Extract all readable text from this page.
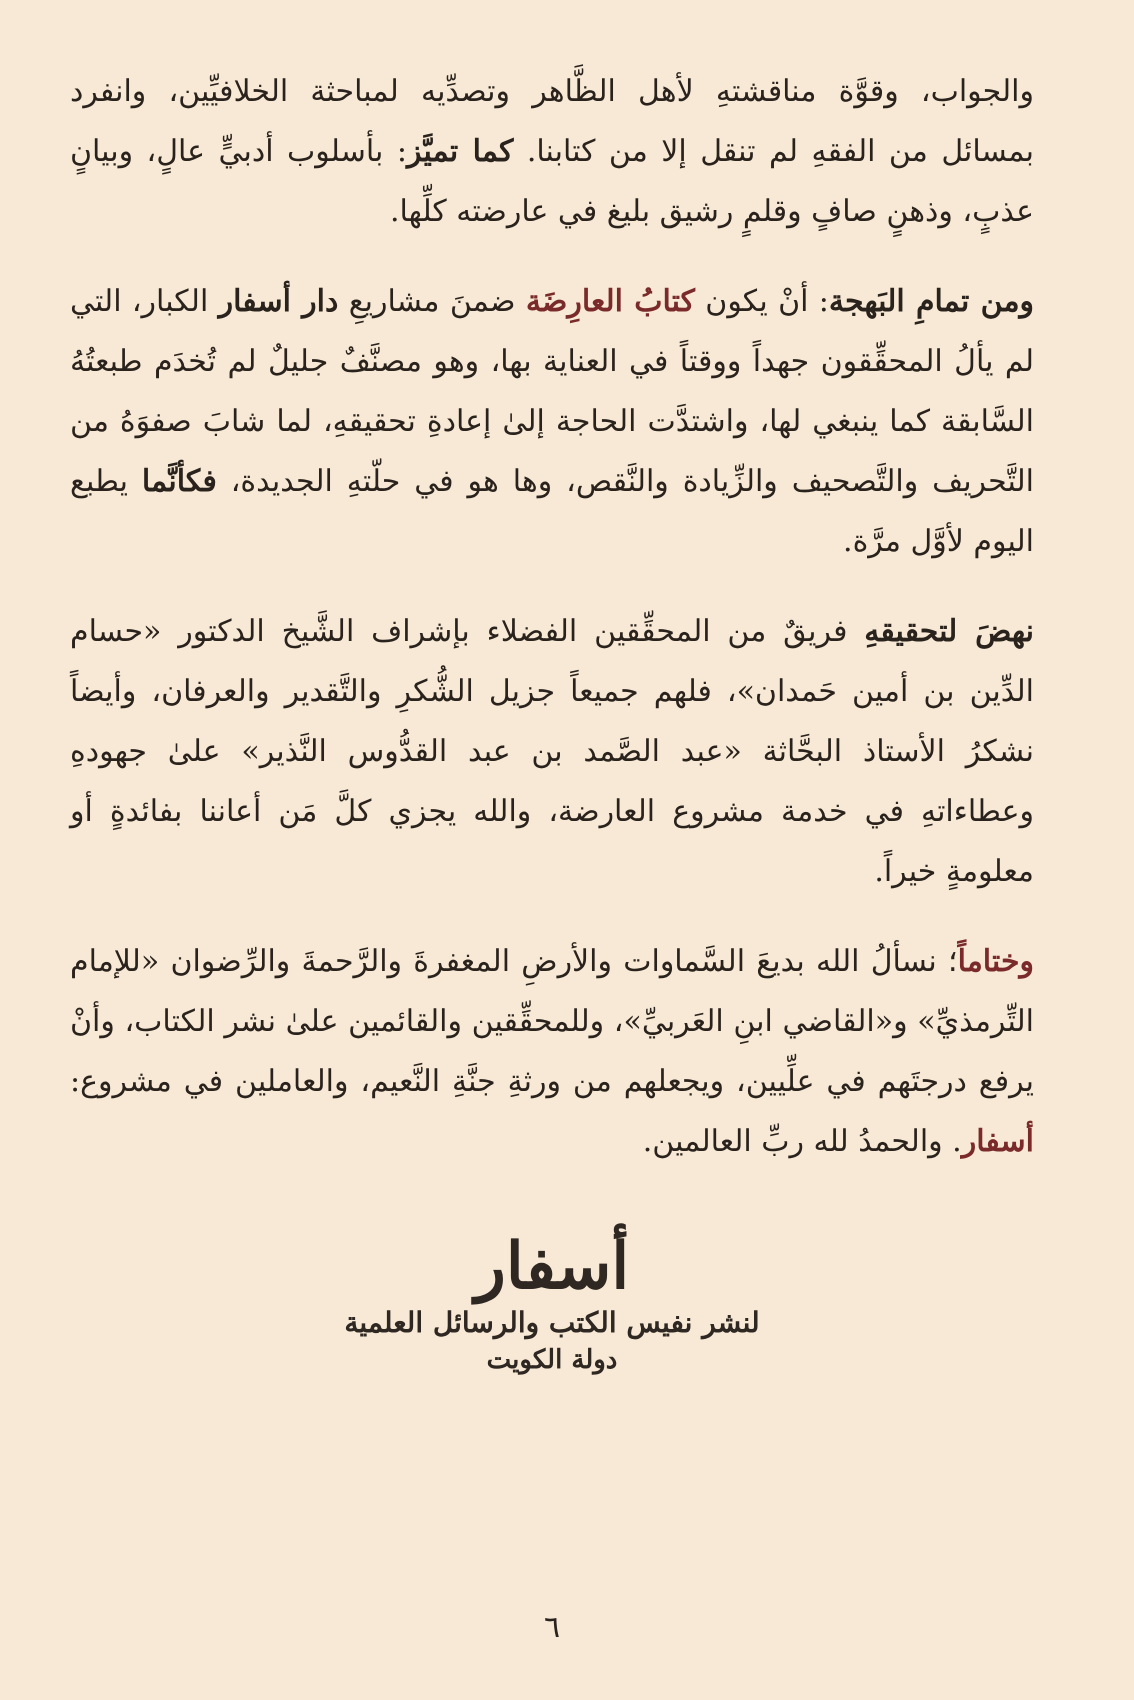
والجواب، وقوَّة مناقشتهِ لأهل الظَّاهر وتصدِّيه لمباحثة الخلافيِّين، وانفرد بمسائل من الفقهِ لم تنقل إلا من كتابنا. كما تميَّز: بأسلوب أدبيٍّ عالٍ، وبيانٍ عذبٍ، وذهنٍ صافٍ وقلمٍ رشيق بليغ في عارضته كلِّها.

ومن تمامِ البَهجة: أنْ يكون كتابُ العارِضَة ضمنَ مشاريعِ دار أسفار الكبار، التي لم يألُ المحقِّقون جهداً ووقتاً في العناية بها، وهو مصنَّفٌ جليلٌ لم تُخدَم طبعتُهُ السَّابقة كما ينبغي لها، واشتدَّت الحاجة إلىٰ إعادةِ تحقيقهِ، لما شابَ صفوَهُ من التَّحريف والتَّصحيف والزِّيادة والنَّقص، وها هو في حلّتهِ الجديدة، فكأنَّما يطبع اليوم لأوَّل مرَّة.

نهضَ لتحقيقهِ فريقٌ من المحقِّقين الفضلاء بإشراف الشَّيخ الدكتور «حسام الدِّين بن أمين حَمدان»، فلهم جميعاً جزيل الشُّكرِ والتَّقدير والعرفان، وأيضاً نشكرُ الأستاذ البحَّاثة «عبد الصَّمد بن عبد القدُّوس النَّذير» علىٰ جهودهِ وعطاءاتهِ في خدمة مشروع العارضة، والله يجزي كلَّ مَن أعاننا بفائدةٍ أو معلومةٍ خيراً.

وختاماً؛ نسألُ الله بديعَ السَّماوات والأرضِ المغفرةَ والرَّحمةَ والرِّضوان «للإمام التِّرمذيِّ» و«القاضي ابنِ العَربيِّ»، وللمحقِّقين والقائمين علىٰ نشر الكتاب، وأنْ يرفع درجتَهم في علِّيين، ويجعلهم من ورثةِ جنَّةِ النَّعيم، والعاملين في مشروع: أسفار. والحمدُ لله ربِّ العالمين.

أسفار
لنشر نفيس الكتب والرسائل العلمية
دولة الكويت
٦
